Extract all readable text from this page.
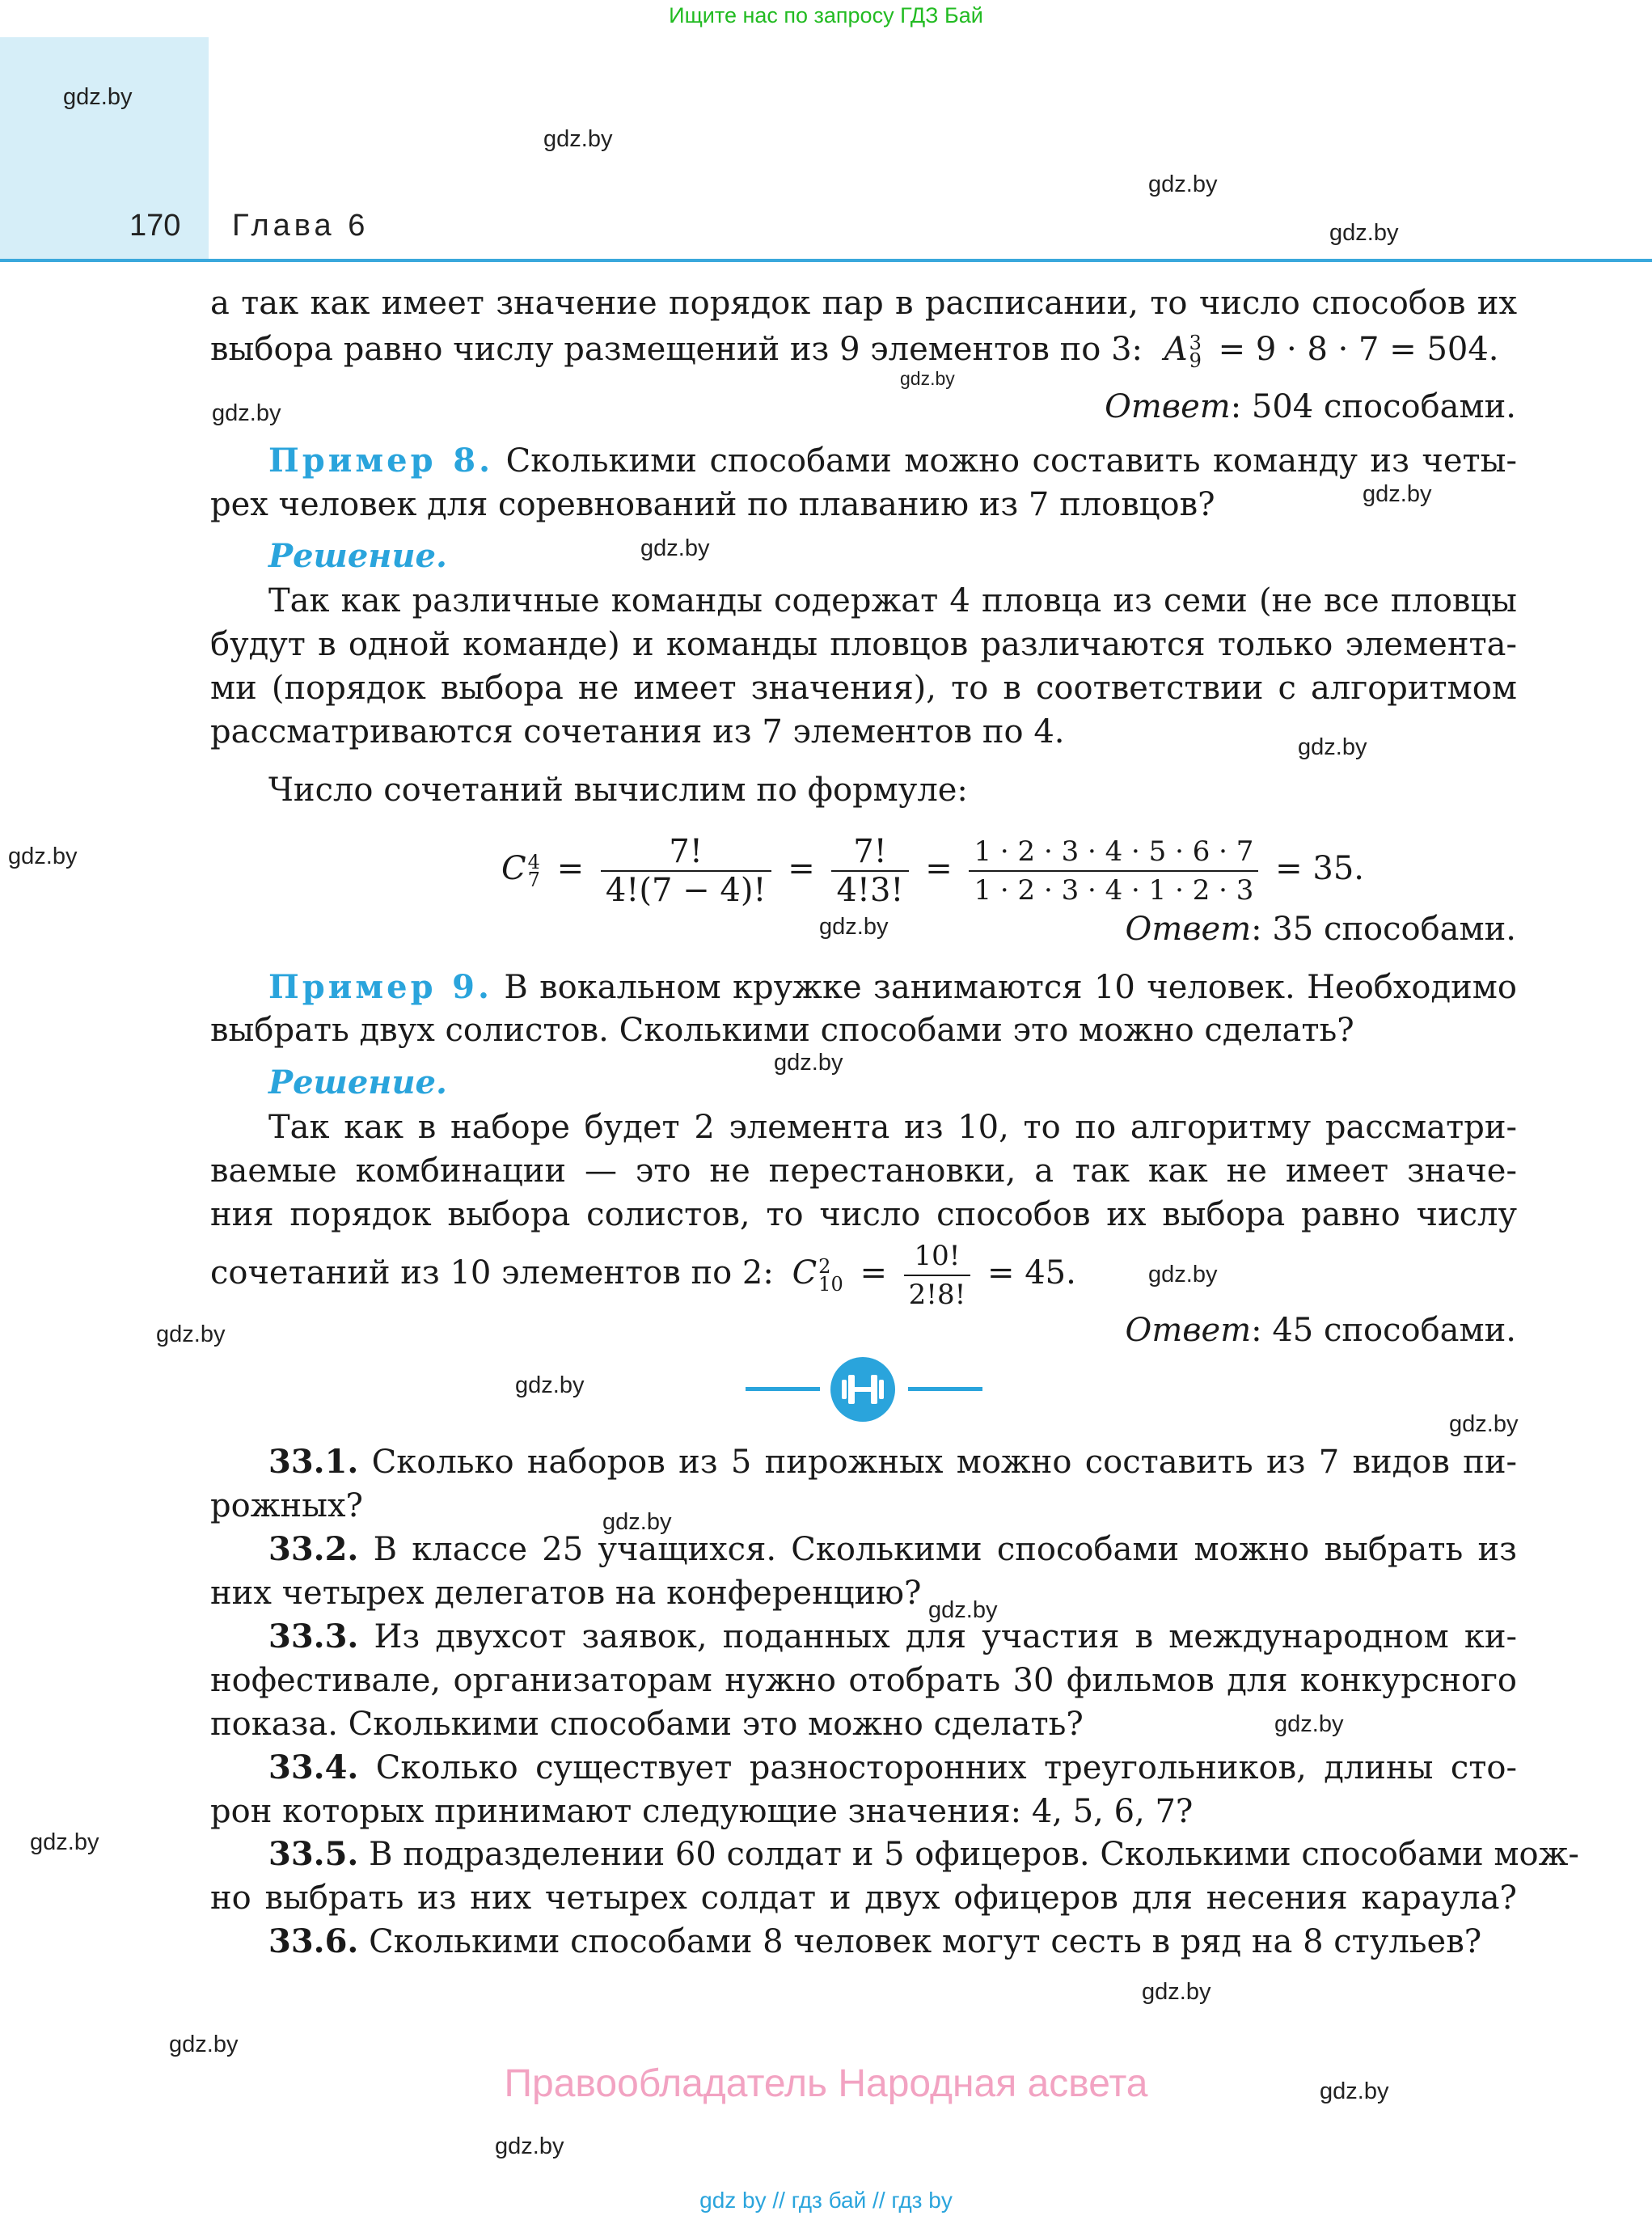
Ищите нас по запросу ГДЗ Бай
170 Глава 6
а так как имеет значение порядок пар в расписании, то число способов их
выбора равно числу размещений из 9 элементов по 3: A 3
9 = 9 · 8 · 7 = 504.
Ответ: 504 способами.
Пример 8. Сколькими способами можно составить команду из четы-
рех человек для соревнований по плаванию из 7 пловцов?
Решение.
Так как различные команды содержат 4 пловца из семи (не все пловцы
будут в одной команде) и команды пловцов различаются только элемента-
ми (порядок выбора не имеет значения), то в соответствии с алгоритмом
рассматриваются сочетания из 7 элементов по 4.
Число сочетаний вычислим по формуле:
C 4
$7 = \frac{7!}{4!(7 - 4)!} = \frac{7!}{4!3!} = \frac{1 \cdot 2 \cdot 3 \cdot 4 \cdot 5 \cdot 6 \cdot 7}{1 \cdot 2 \cdot 3 \cdot 4 \cdot 1 \cdot 2 \cdot 3} = 35$.
Ответ: 35 способами.
Пример 9. В вокальном кружке занимаются 10 человек. Необходимо
выбрать двух солистов. Сколькими способами это можно сделать?
Решение.
Так как в наборе будет 2 элемента из 10, то по алгоритму рассматри-
ваемые комбинации — это не перестановки, а так как не имеет значе-
ния порядок выбора солистов, то число способов их выбора равно числу
сочетаний из 10 элементов по 2: C 2
$10 = \frac{10!}{2!8!} = 45$.
Ответ: 45 способами.
33.1. Сколько наборов из 5 пирожных можно составить из 7 видов пи-
рожных?
33.2. В классе 25 учащихся. Сколькими способами можно выбрать из
них четырех делегатов на конференцию?
33.3. Из двухсот заявок, поданных для участия в международном ки-
нофестивале, организаторам нужно отобрать 30 фильмов для конкурсного
показа. Сколькими способами это можно сделать?
33.4. Сколько существует разносторонних треугольников, длины сто-
рон которых принимают следующие значения: 4, 5, 6, 7?
33.5. В подразделении 60 солдат и 5 офицеров. Сколькими способами мож-
но выбрать из них четырех солдат и двух офицеров для несения караула?
33.6. Сколькими способами 8 человек могут сесть в ряд на 8 стульев?
gdz.by
gdz.by
gdz.by
gdz.by
gdz.by
gdz.by
gdz.by
gdz.by
gdz.by
gdz.by
gdz.by
gdz.by
gdz.by
gdz.by
gdz.by
gdz.by
gdz.by
gdz.by
gdz.by
gdz.by
gdz.by
gdz.by
gdz.by
gdz.by
Правообладатель Народная асвета
gdz by // гдз бай // гдз by
